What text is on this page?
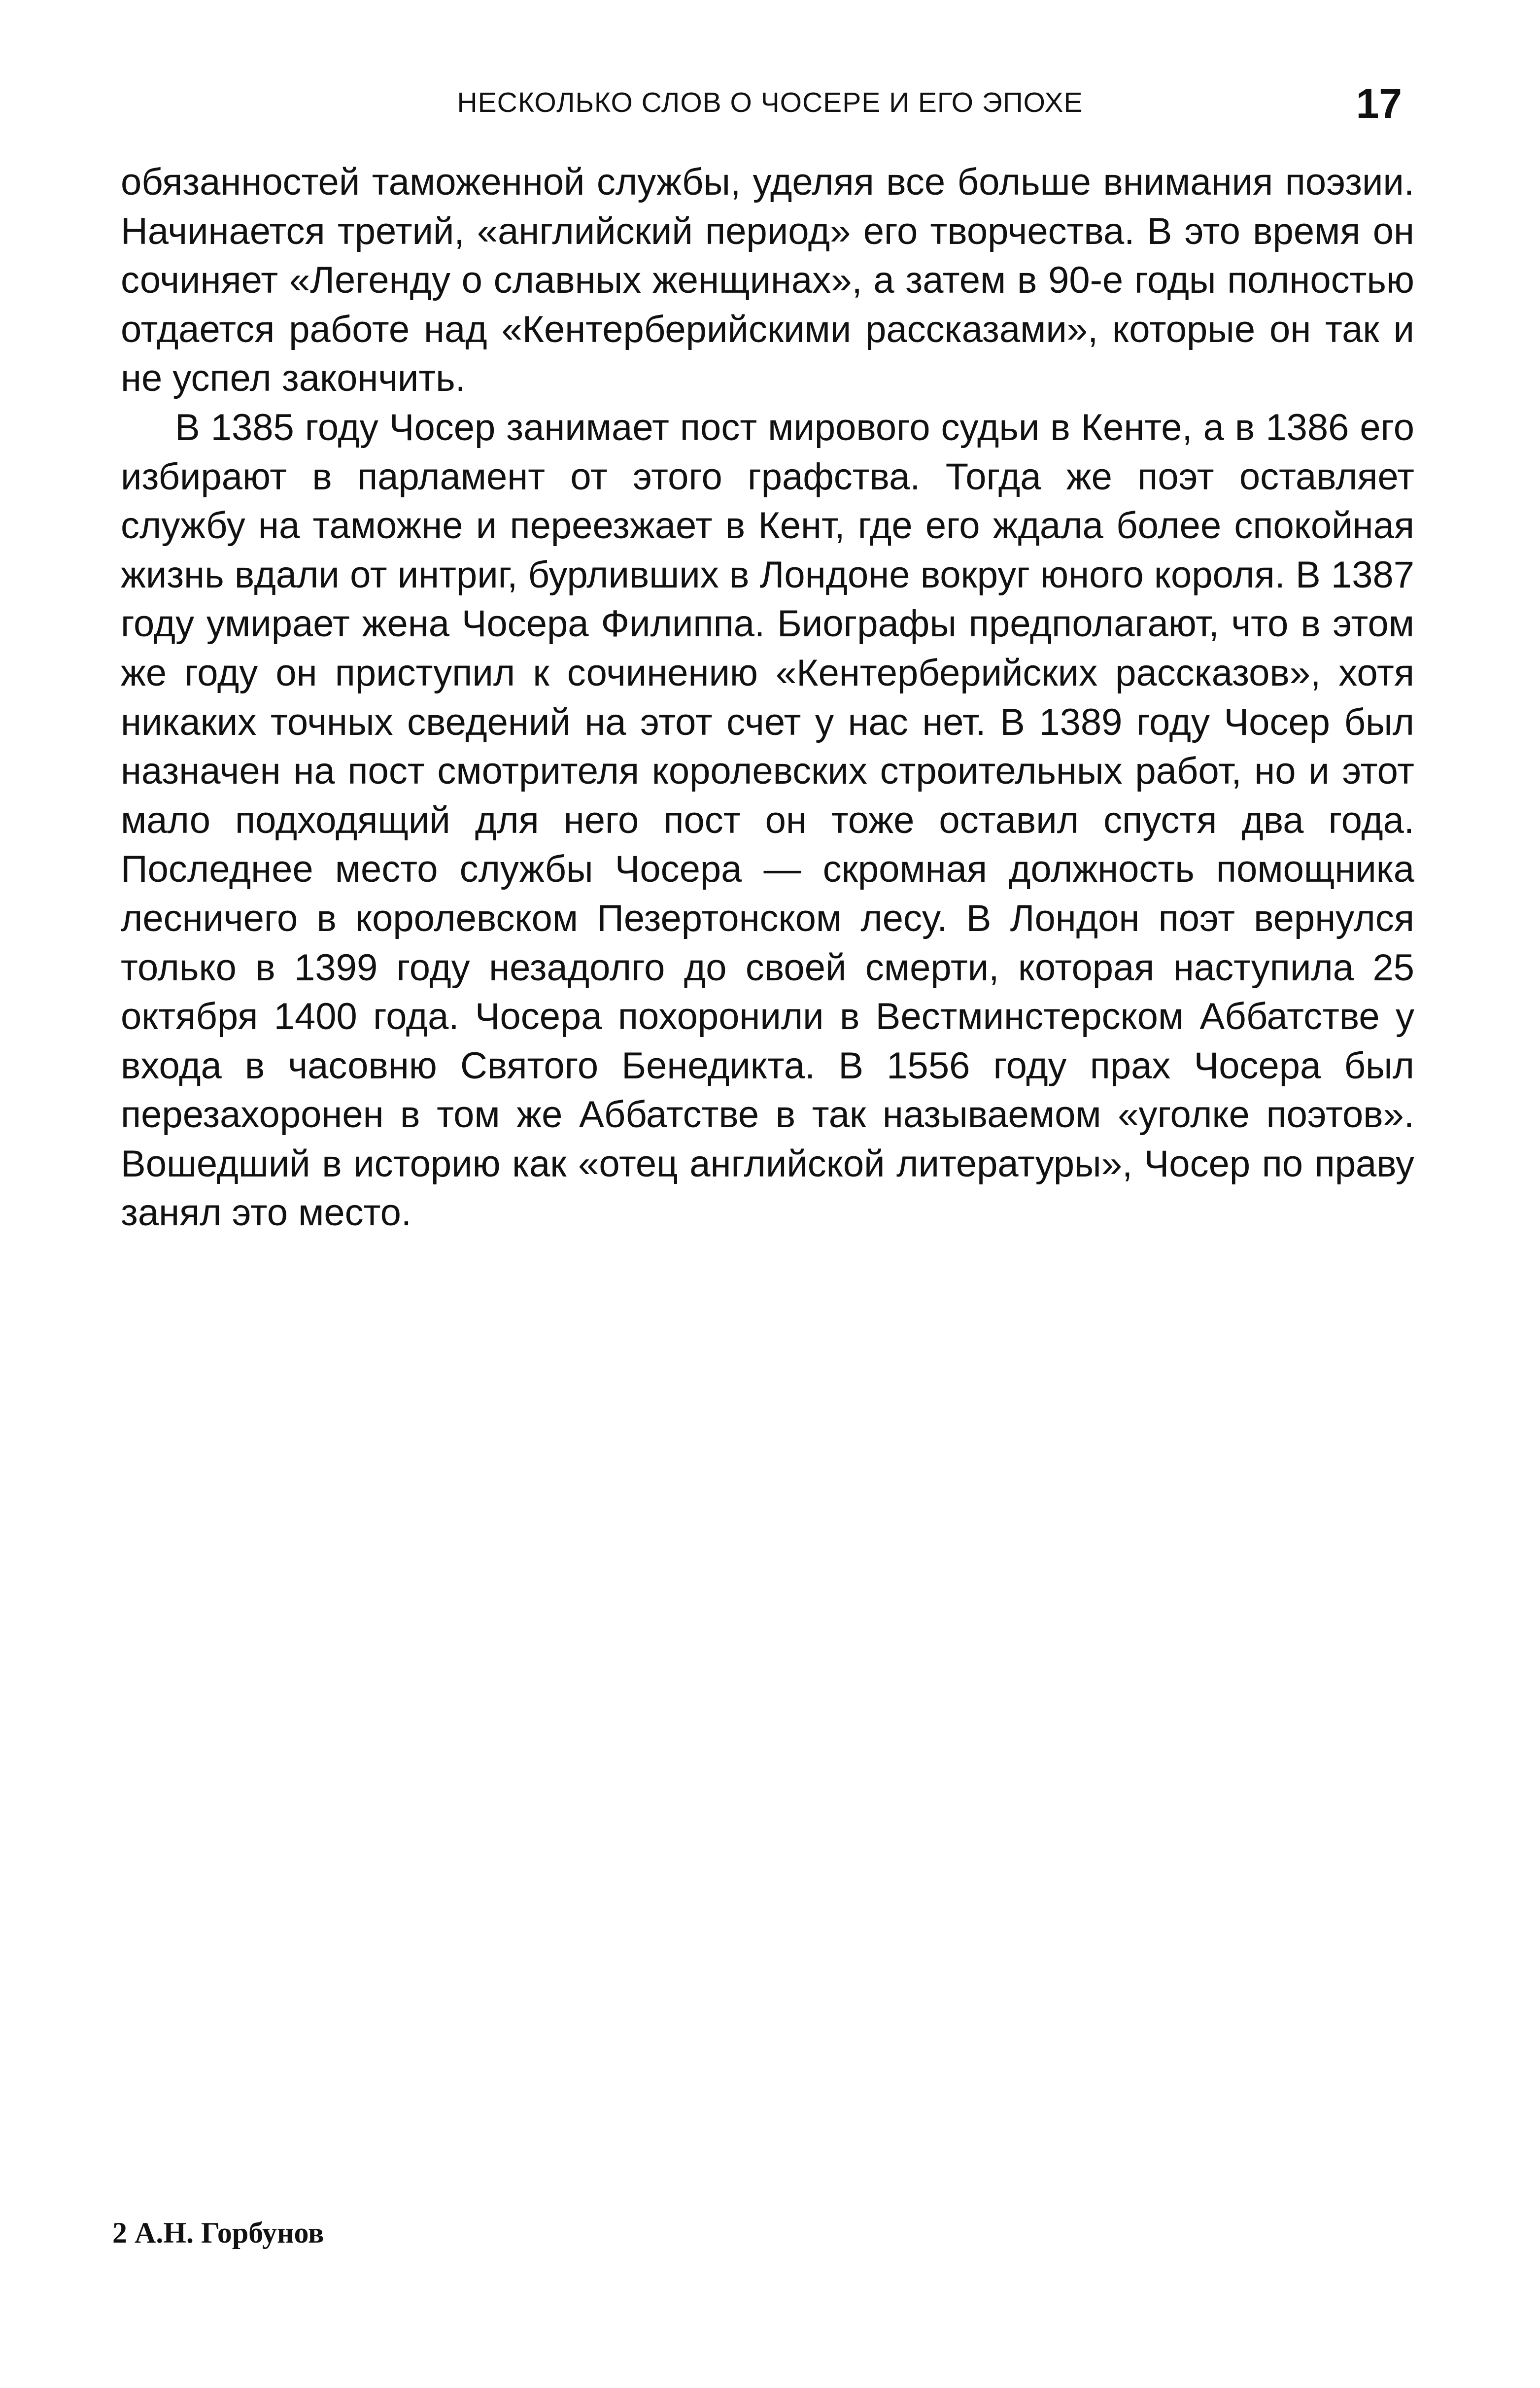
НЕСКОЛЬКО СЛОВ О ЧОСЕРЕ И ЕГО ЭПОХЕ	17

обязанностей таможенной службы, уделяя все больше внимания поэзии. Начинается третий, «английский период» его творчества. В это время он сочиняет «Легенду о славных женщинах», а затем в 90-е годы полностью отдается работе над «Кентерберийскими рассказами», которые он так и не успел закончить.

В 1385 году Чосер занимает пост мирового судьи в Кенте, а в 1386 его избирают в парламент от этого графства. Тогда же поэт оставляет службу на таможне и переезжает в Кент, где его ждала более спокойная жизнь вдали от интриг, бурливших в Лондоне вокруг юного короля. В 1387 году умирает жена Чосера Филиппа. Биографы предполагают, что в этом же году он приступил к сочинению «Кентерберийских рассказов», хотя никаких точных сведений на этот счет у нас нет. В 1389 году Чосер был назначен на пост смотрителя королевских строительных работ, но и этот мало подходящий для него пост он тоже оставил спустя два года. Последнее место службы Чосера — скромная должность помощника лесничего в королевском Пезертонском лесу. В Лондон поэт вернулся только в 1399 году незадолго до своей смерти, которая наступила 25 октября 1400 года. Чосера похоронили в Вестминстерском Аббатстве у входа в часовню Святого Бенедикта. В 1556 году прах Чосера был перезахоронен в том же Аббатстве в так называемом «уголке поэтов». Вошедший в историю как «отец английской литературы», Чосер по праву занял это место.

2 А.Н. Горбунов
